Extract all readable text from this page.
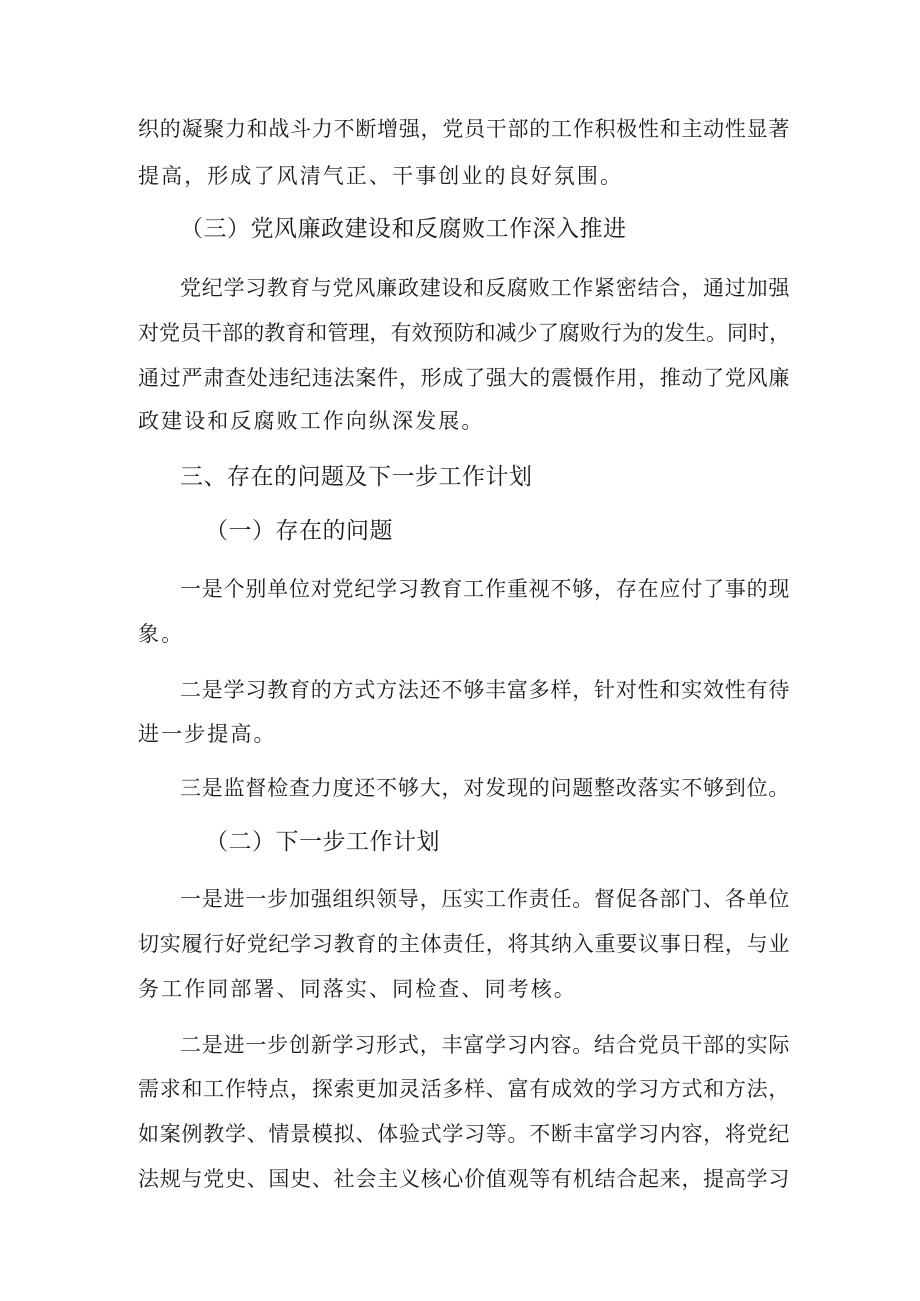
织的凝聚力和战斗力不断增强，党员干部的工作积极性和主动性显著
提高，形成了风清气正、干事创业的良好氛围。
（三）党风廉政建设和反腐败工作深入推进
党纪学习教育与党风廉政建设和反腐败工作紧密结合，通过加强
对党员干部的教育和管理，有效预防和减少了腐败行为的发生。同时，
通过严肃查处违纪违法案件，形成了强大的震慑作用，推动了党风廉
政建设和反腐败工作向纵深发展。
三、存在的问题及下一步工作计划
（一）存在的问题
一是个别单位对党纪学习教育工作重视不够，存在应付了事的现
象。
二是学习教育的方式方法还不够丰富多样，针对性和实效性有待
进一步提高。
三是监督检查力度还不够大，对发现的问题整改落实不够到位。
（二）下一步工作计划
一是进一步加强组织领导，压实工作责任。督促各部门、各单位
切实履行好党纪学习教育的主体责任，将其纳入重要议事日程，与业
务工作同部署、同落实、同检查、同考核。
二是进一步创新学习形式，丰富学习内容。结合党员干部的实际
需求和工作特点，探索更加灵活多样、富有成效的学习方式和方法，
如案例教学、情景模拟、体验式学习等。不断丰富学习内容，将党纪
法规与党史、国史、社会主义核心价值观等有机结合起来，提高学习
